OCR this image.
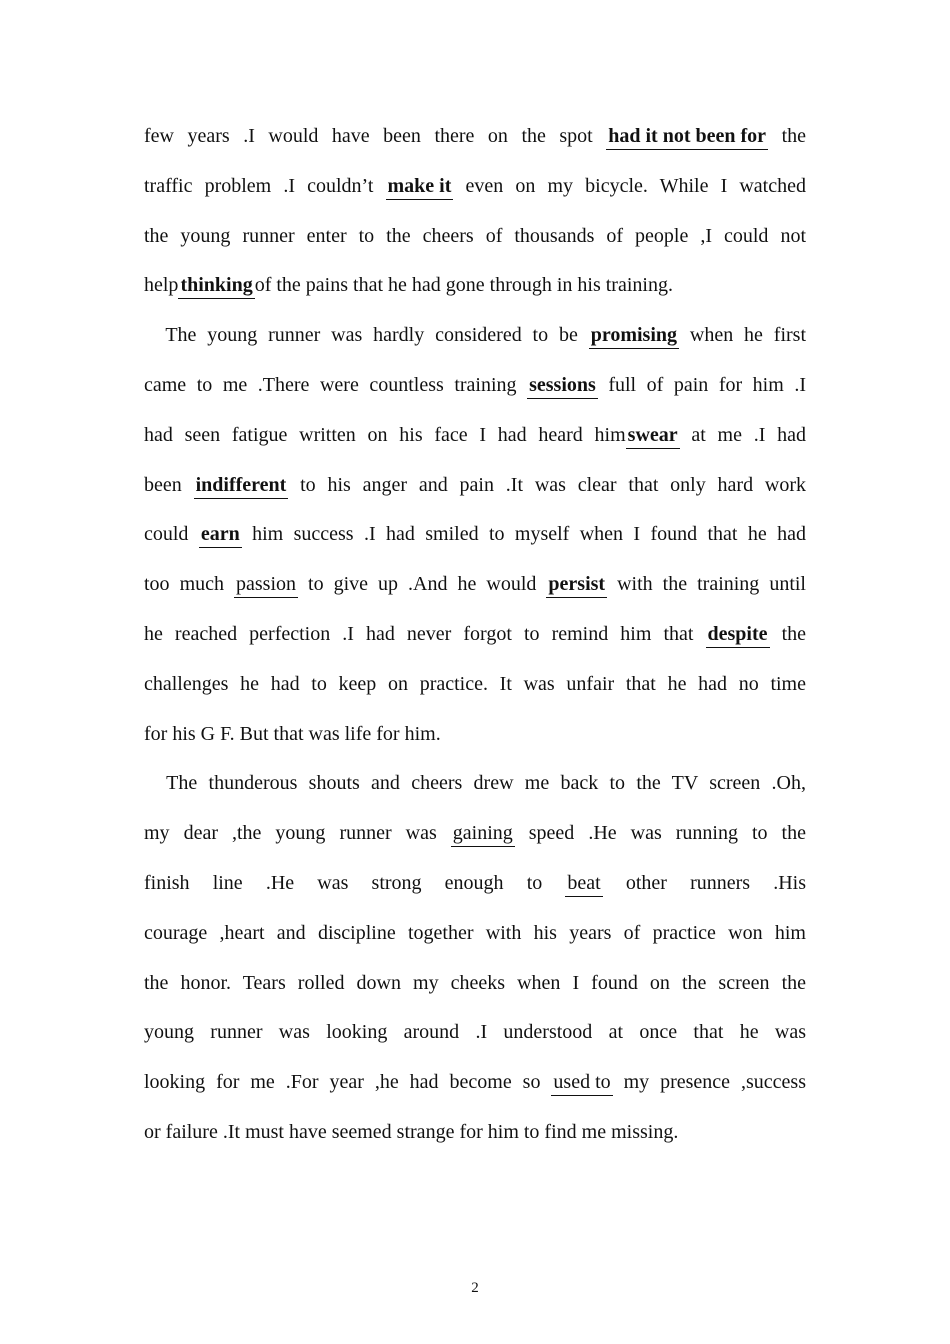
few years .I would have been there on the spot had it not been for the
traffic problem .I couldn’t make it even on my bicycle. While I watched
the young runner enter to the cheers of thousands of people ,I could not
help thinking of the pains that he had gone through in his training.
The young runner was hardly considered to be promising when he first
came to me .There were countless training sessions full of pain for him .I
had seen fatigue written on his face I had heard him swear at me .I had
been indifferent to his anger and pain .It was clear that only hard work
could earn him success .I had smiled to myself when I found that he had
too much passion to give up .And he would persist with the training until
he reached perfection .I had never forgot to remind him that despite the
challenges he had to keep on practice. It was unfair that he had no time
for his G F. But that was life for him.
The thunderous shouts and cheers drew me back to the TV screen .Oh,
my dear ,the young runner was gaining speed .He was running to the
finish line .He was strong enough to beat other runners .His
courage ,heart and discipline together with his years of practice won him
the honor. Tears rolled down my cheeks when I found on the screen the
young runner was looking around .I understood at once that he was
looking for me .For year ,he had become so used to my presence ,success
or failure .It must have seemed strange for him to find me missing.
2
